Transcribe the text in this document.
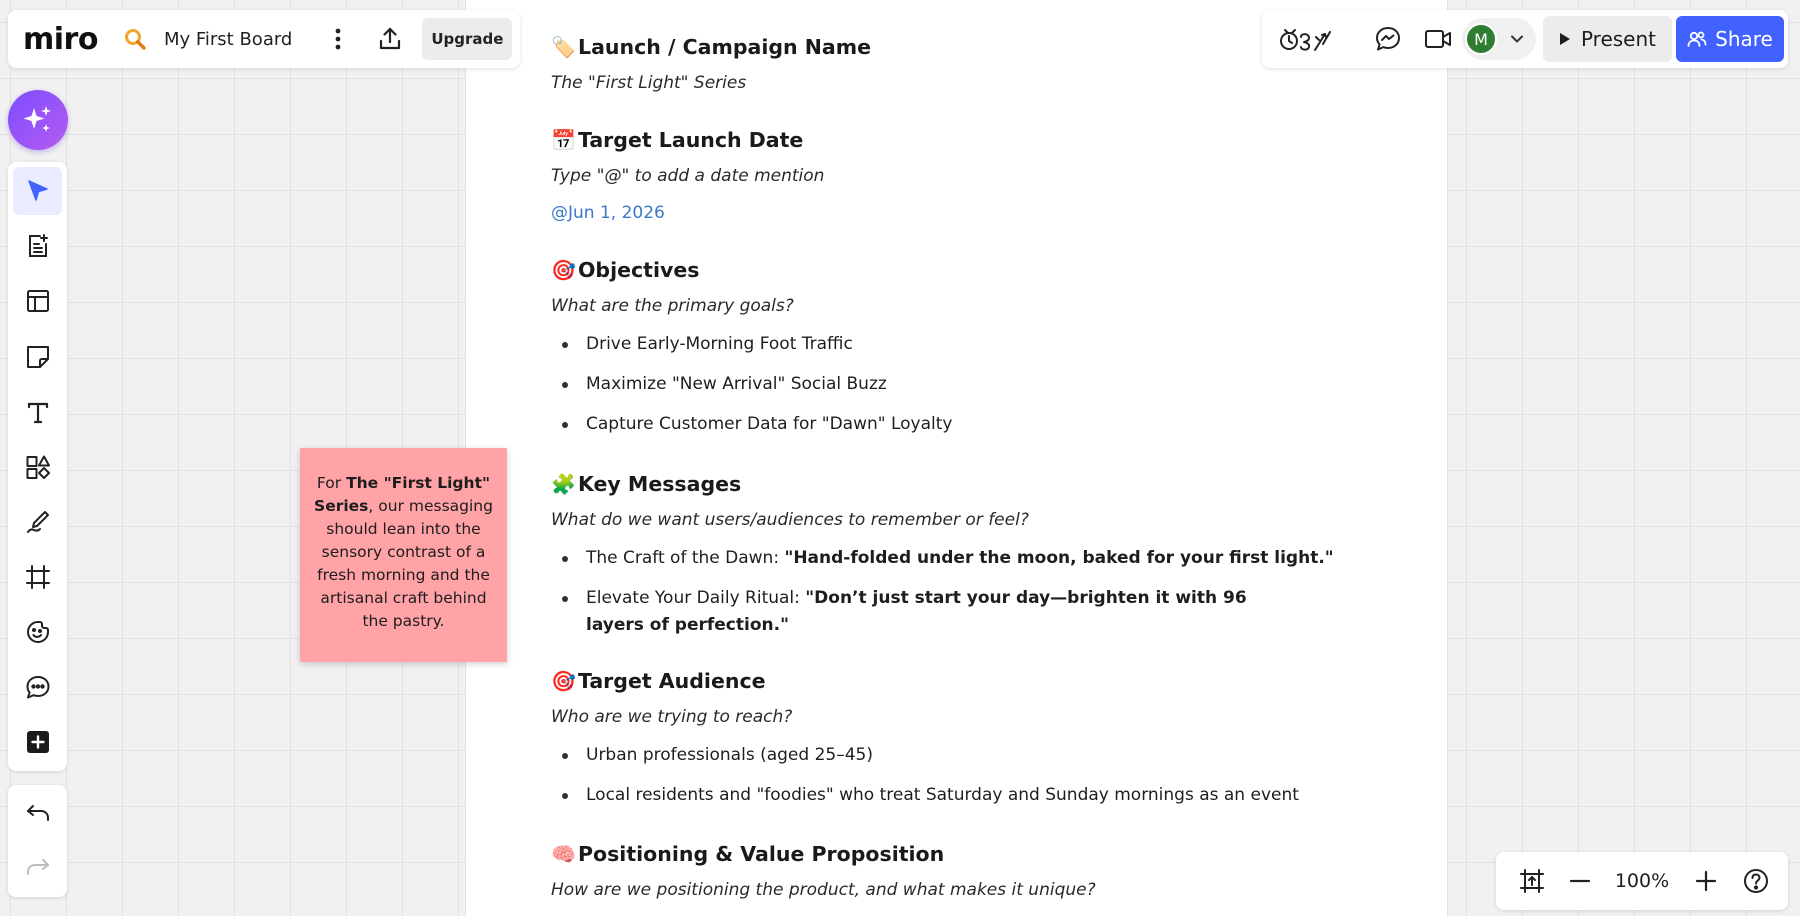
🏷️ Launch / Campaign Name
The "First Light" Series
📅 Target Launch Date
Type "@" to add a date mention
@Jun 1, 2026
🎯 Objectives
What are the primary goals?
Drive Early-Morning Foot Traffic
Maximize "New Arrival" Social Buzz
Capture Customer Data for "Dawn" Loyalty
🧩 Key Messages
What do we want users/audiences to remember or feel?
The Craft of the Dawn: "Hand-folded under the moon, baked for your first light."
Elevate Your Daily Ritual: "Don’t just start your day—brighten it with 96 layers of perfection."
🎯 Target Audience
Who are we trying to reach?
Urban professionals (aged 25–45)
Local residents and "foodies" who treat Saturday and Sunday mornings as an event
🧠 Positioning & Value Proposition
How are we positioning the product, and what makes it unique?
For The "First Light" Series, our messaging should lean into the sensory contrast of a fresh morning and the artisanal craft behind the pastry.
miro	My First Board	Upgrade	M	Present	Share
100%
